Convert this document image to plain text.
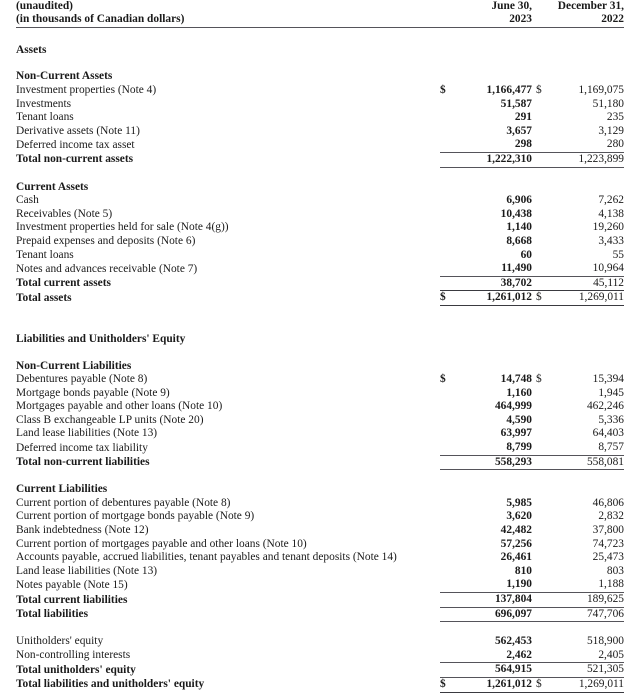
(unaudited)	June 30,	December 31,
(in thousands of Canadian dollars)	2023	2022

Assets		

Non-Current Assets		
Investment properties (Note 4)	$ 1,166,477	$ 1,169,075

Investments	51,587	51,180
Tenant loans	291	235
Derivative assets (Note 11)	3,657	3,129
Deferred income tax asset	298	280
Total non-current assets	1,222,310	1,223,899

Current Assets		
Cash	6,906	7,262
Receivables (Note 5)	10,438	4,138
Investment properties held for sale (Note 4(g))	1,140	19,260
Prepaid expenses and deposits (Note 6)	8,668	3,433
Tenant loans	60	55
Notes and advances receivable (Note 7)	11,490	10,964
Total current assets	38,702	45,112
Total assets	$ 1,261,012	$ 1,269,011

Liabilities and Unitholders' Equity		

Non-Current Liabilities		
Debentures payable (Note 8)	$ 14,748	$ 15,394

Mortgage bonds payable (Note 9)	1,160	1,945
Mortgages payable and other loans (Note 10)	464,999	462,246
Class B exchangeable LP units (Note 20)	4,590	5,336
Land lease liabilities (Note 13)	63,997	64,403
Deferred income tax liability	8,799	8,757
Total non-current liabilities	558,293	558,081

Current Liabilities		
Current portion of debentures payable (Note 8)	5,985	46,806
Current portion of mortgage bonds payable (Note 9)	3,620	2,832
Bank indebtedness (Note 12)	42,482	37,800
Current portion of mortgages payable and other loans (Note 10)	57,256	74,723
Accounts payable, accrued liabilities, tenant payables and tenant deposits (Note 14)	26,461	25,473
Land lease liabilities (Note 13)	810	803
Notes payable (Note 15)	1,190	1,188
Total current liabilities	137,804	189,625
Total liabilities	696,097	747,706

Unitholders' equity	562,453	518,900
Non-controlling interests	2,462	2,405
Total unitholders' equity	564,915	521,305
Total liabilities and unitholders' equity	$ 1,261,012	$ 1,269,011
